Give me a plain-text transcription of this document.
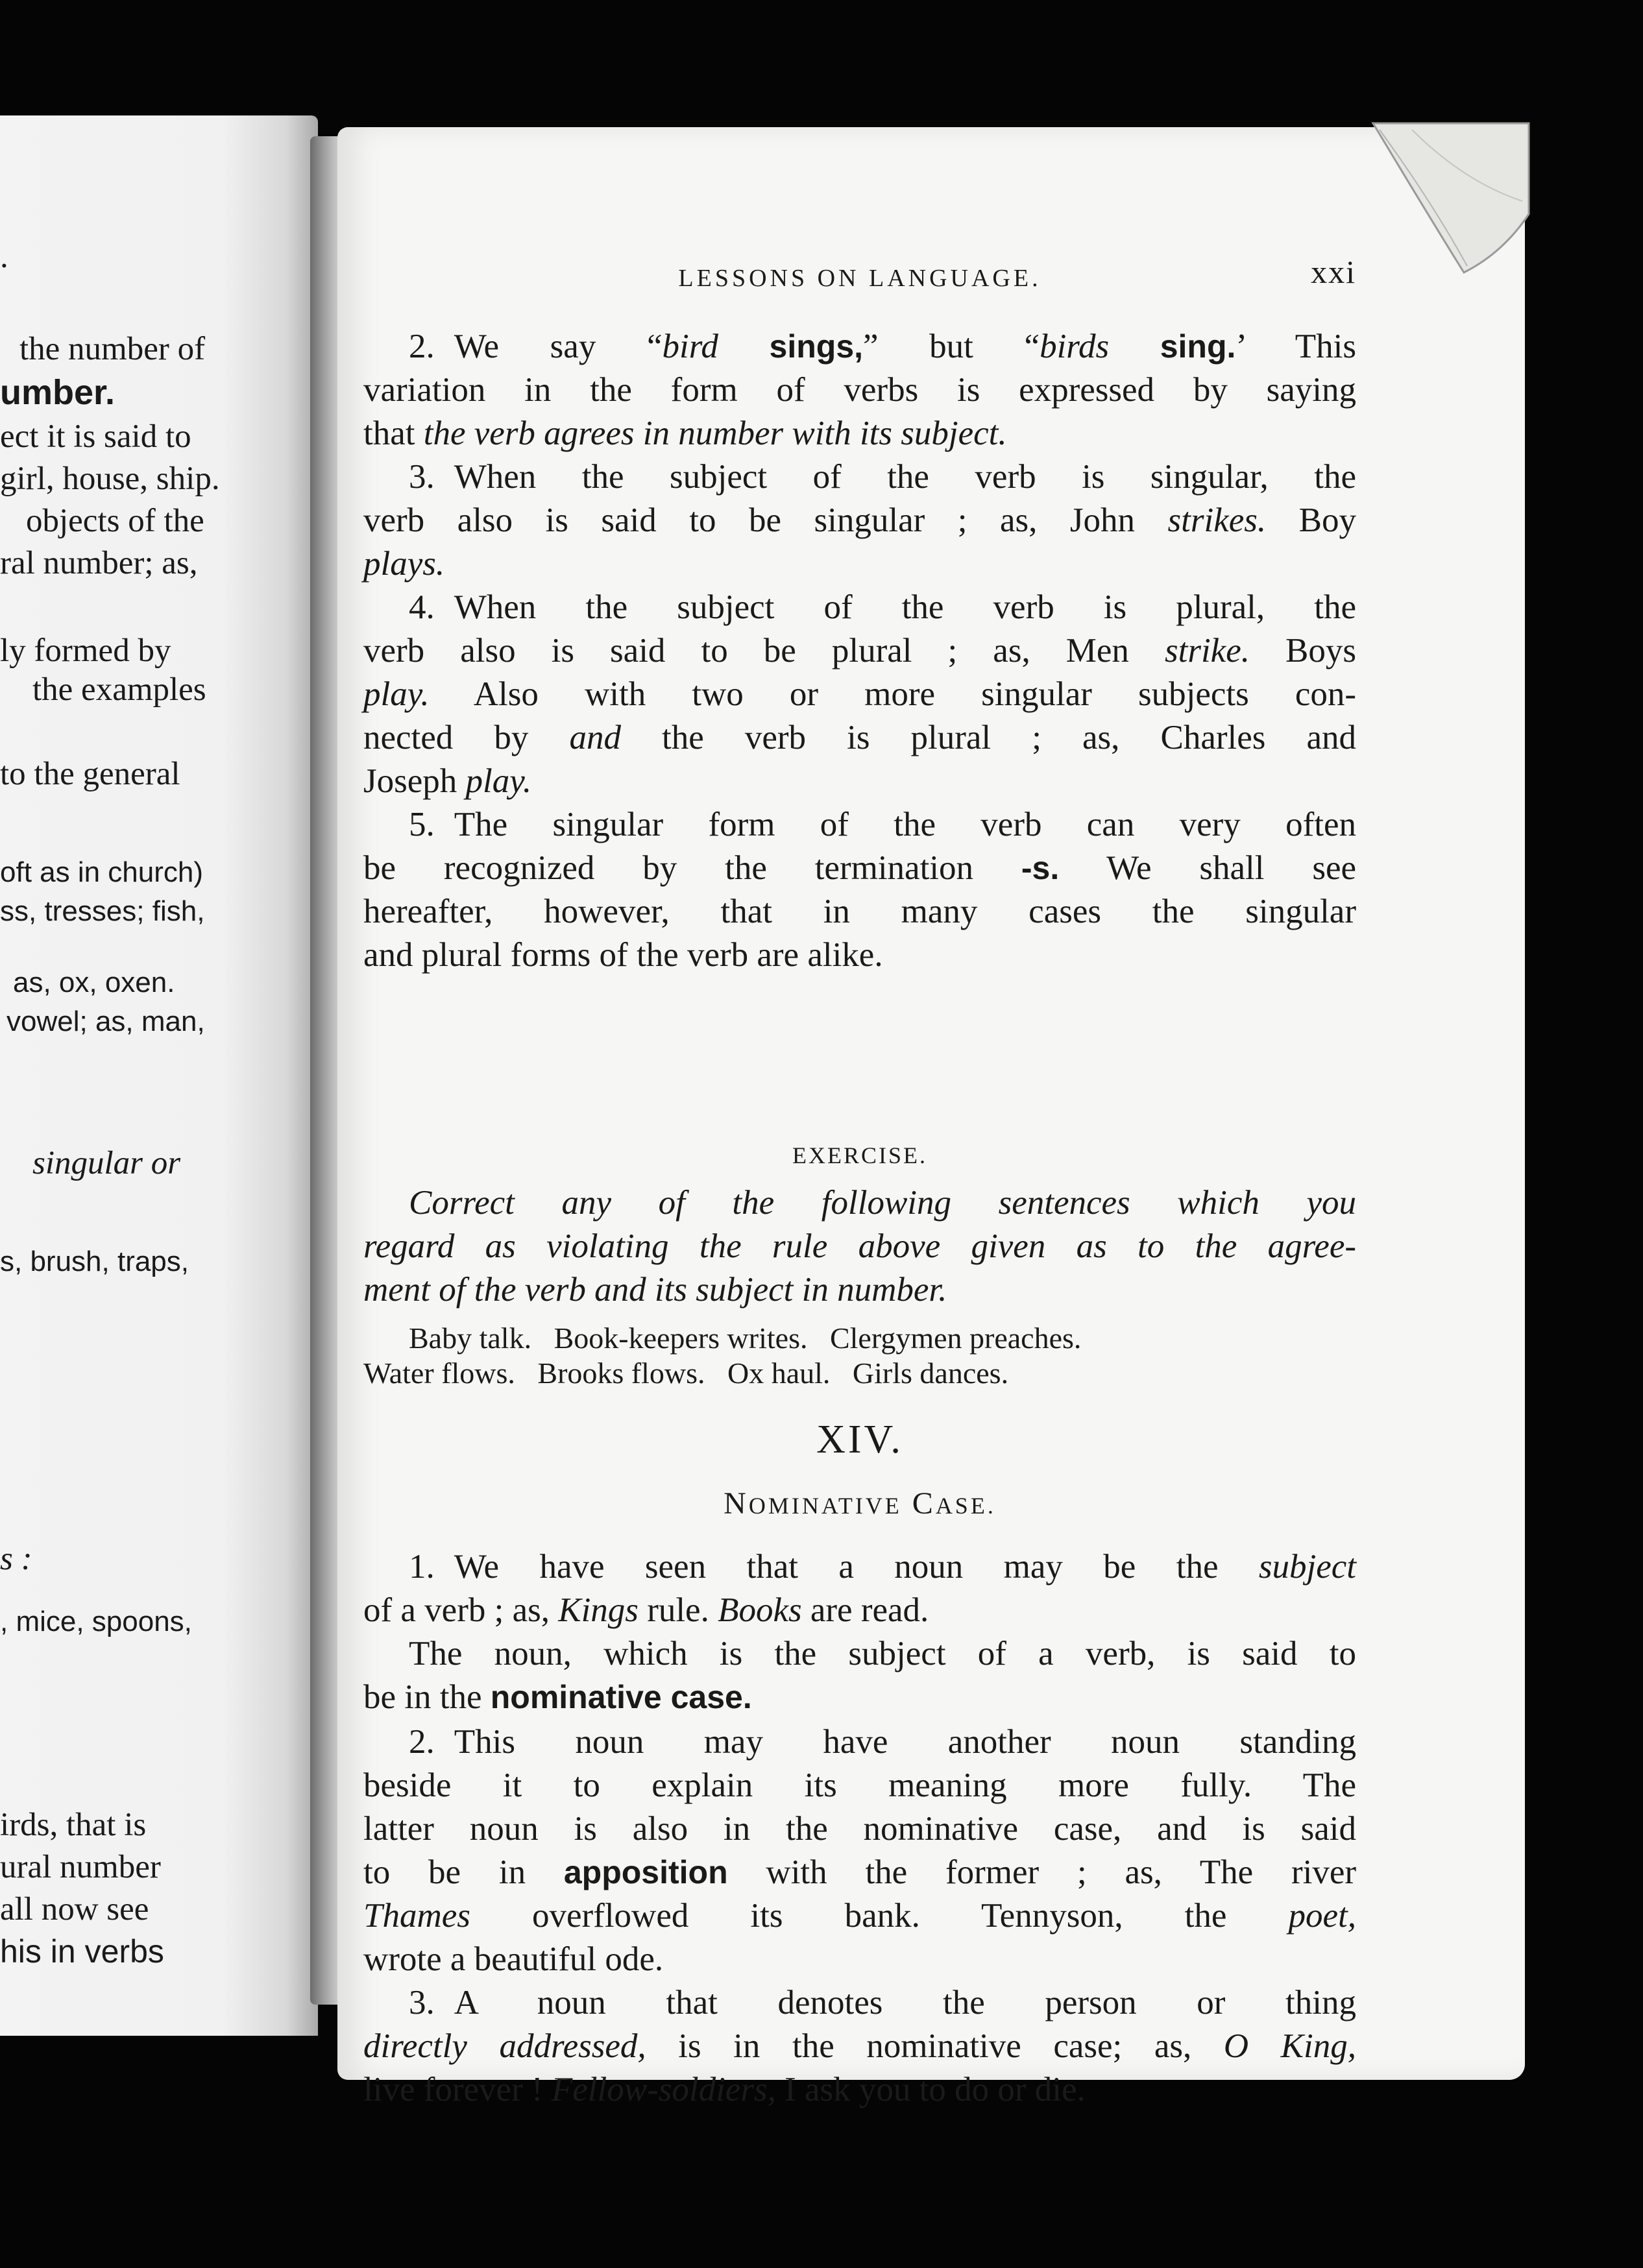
.
the number of
umber.
ect it is said to
girl, house, ship.
objects of the
ral number; as,
ly formed by
the examples
to the general
oft as in church)
ss, tresses; fish,
as, ox, oxen.
vowel; as, man,
singular or
s, brush, traps,
s :
, mice, spoons,
irds, that is
ural number
all now see
his in verbs
LESSONS ON LANGUAGE.	xxi
2. We say “bird sings,” but “birds sing.’ This
variation in the form of verbs is expressed by saying
that the verb agrees in number with its subject.
3. When the subject of the verb is singular, the
verb also is said to be singular ; as, John strikes. Boy
plays.
4. When the subject of the verb is plural, the
verb also is said to be plural ; as, Men strike. Boys
play. Also with two or more singular subjects con-
nected by and the verb is plural ; as, Charles and
Joseph play.
5. The singular form of the verb can very often
be recognized by the termination -s. We shall see
hereafter, however, that in many cases the singular
and plural forms of the verb are alike.
EXERCISE.
Correct any of the following sentences which you
regard as violating the rule above given as to the agree-
ment of the verb and its subject in number.
Baby talk.   Book-keepers writes.   Clergymen preaches.
Water flows.   Brooks flows.   Ox haul.   Girls dances.
XIV.
NOMINATIVE CASE.
1. We have seen that a noun may be the subject
of a verb ; as, Kings rule. Books are read.
The noun, which is the subject of a verb, is said to
be in the nominative case.
2. This noun may have another noun standing
beside it to explain its meaning more fully. The
latter noun is also in the nominative case, and is said
to be in apposition with the former ; as, The river
Thames overflowed its bank. Tennyson, the poet,
wrote a beautiful ode.
3. A noun that denotes the person or thing
directly addressed, is in the nominative case; as, O King,
live forever ! Fellow-soldiers, I ask you to do or die.
